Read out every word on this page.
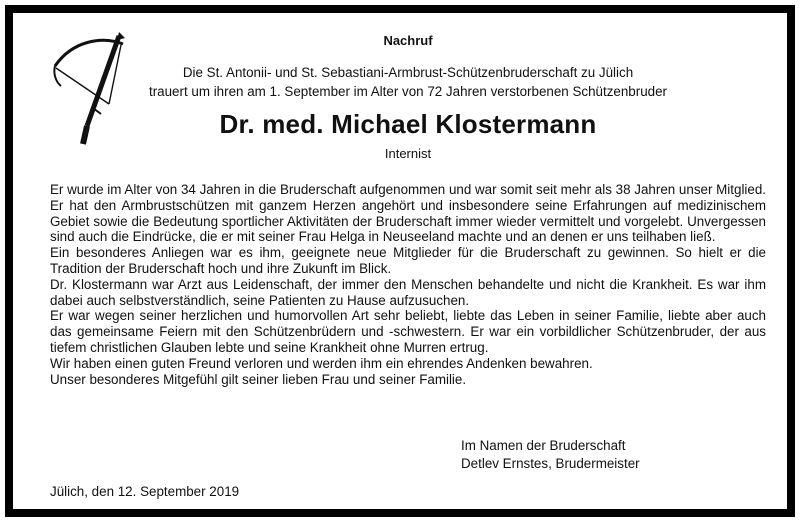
Nachruf
Die St. Antonii- und St. Sebastiani-Armbrust-Schützenbruderschaft zu Jülich
trauert um ihren am 1. September im Alter von 72 Jahren verstorbenen Schützenbruder
Dr. med. Michael Klostermann
Internist

Er wurde im Alter von 34 Jahren in die Bruderschaft aufgenommen und war somit seit mehr als 38 Jahren unser Mitglied. Er hat den Armbrustschützen mit ganzem Herzen angehört und insbesondere seine Erfahrungen auf medizinischem Gebiet sowie die Bedeutung sportlicher Aktivitäten der Bruderschaft immer wieder vermittelt und vorgelebt. Unvergessen sind auch die Eindrücke, die er mit seiner Frau Helga in Neuseeland machte und an denen er uns teilhaben ließ.

Ein besonderes Anliegen war es ihm, geeignete neue Mitglieder für die Bruderschaft zu gewinnen. So hielt er die Tradition der Bruderschaft hoch und ihre Zukunft im Blick.

Dr. Klostermann war Arzt aus Leidenschaft, der immer den Menschen behandelte und nicht die Krankheit. Es war ihm dabei auch selbstverständlich, seine Patienten zu Hause aufzusuchen.

Er war wegen seiner herzlichen und humorvollen Art sehr beliebt, liebte das Leben in seiner Familie, liebte aber auch das gemeinsame Feiern mit den Schützenbrüdern und -schwestern. Er war ein vorbildlicher Schützenbruder, der aus tiefem christlichen Glauben lebte und seine Krankheit ohne Murren ertrug.

Wir haben einen guten Freund verloren und werden ihm ein ehrendes Andenken bewahren.

Unser besonderes Mitgefühl gilt seiner lieben Frau und seiner Familie.

Im Namen der Bruderschaft
Detlev Ernstes, Brudermeister
Jülich, den 12. September 2019
